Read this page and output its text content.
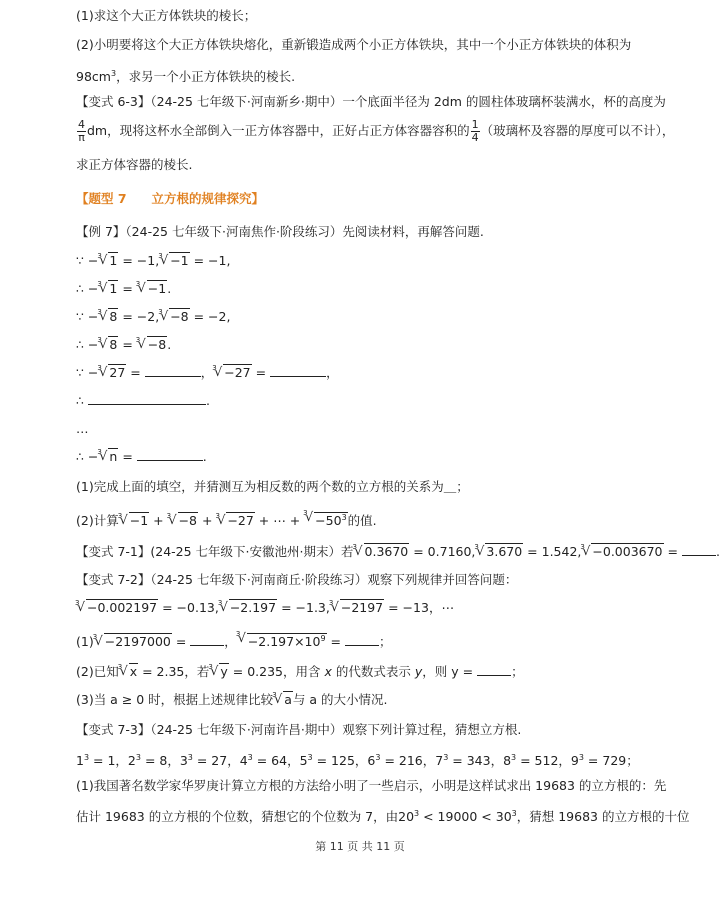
(1)求这个大正方体铁块的棱长；
(2)小明要将这个大正方体铁块熔化，重新锻造成两个小正方体铁块，其中一个小正方体铁块的体积为
$98cm^3$，求另一个小正方体铁块的棱长.
【变式 6-3】（24-25 七年级下·河南新乡·期中）一个底面半径为 2dm 的圆柱体玻璃杯装满水，杯的高度为
$\frac{4}{\pi}$ dm，现将这杯水全部倒入一正方体容器中，正好占正方体容器容积的 $\frac{1}{4}$ （玻璃杯及容器的厚度可以不计），
求正方体容器的棱长.
【题型 7　　立方根的规律探究】
【例 7】（24-25 七年级下·河南焦作·阶段练习）先阅读材料，再解答问题.
∵ − √ 3 1 = −1, √ 3 −1 = −1,
∴ − √ 3 1 = √ 3 −1.
∵ − √ 3 8 = −2, √ 3 −8 = −2,
∴ − √ 3 8 = √ 3 −8.
∵ − √ 3 27 =	， √ 3 −27 =	，
∴	.
…
∴ − √ 3 n =	.
(1)完成上面的填空，并猜测互为相反数的两个数的立方根的关系为＿；
(2)计算 √ 3 −1 + √ 3 −8 + √ 3 −27 + ⋯ +
√ 3
$-50^3$的值.
【变式 7-1】(24-25 七年级下·安徽池州·期末）若 √ 3 0.3670 = 0.7160, √ 3 3.670 = 1.542, √ 3 −0.003670 =	.
【变式 7-2】（24-25 七年级下·河南商丘·阶段练习）观察下列规律并回答问题：
√ 3 −0.002197 = −0.13, √ 3 −2.197 = −1.3, √ 3 −2197 = −13，⋯
(1) √ 3 −2197000 =	，
√ 3
$-2.197\times 10^9$ =	；
(2)已知 √ 3 x = 2.35，若 √ 3 y = 0.235，用含 x 的代数式表示 y，则 y =	；
(3)当 a ≥ 0 时，根据上述规律比较 √ 3 a与 a 的大小情况.
【变式 7-3】（24-25 七年级下·河南许昌·期中）观察下列计算过程，猜想立方根.
$1^3 = 1$，$2^3 = 8$，$3^3 = 27$，$4^3 = 64$，$5^3 = 125$，$6^3 = 216$，$7^3 = 343$，$8^3 = 512$，$9^3 = 729$；
(1)我国著名数学家华罗庚计算立方根的方法给小明了一些启示，小明是这样试求出 19683 的立方根的：先
估计 19683 的立方根的个位数，猜想它的个位数为 7，由$20^3 < 19000 < 30^3$，猜想 19683 的立方根的十位
第 11 页 共 11 页
